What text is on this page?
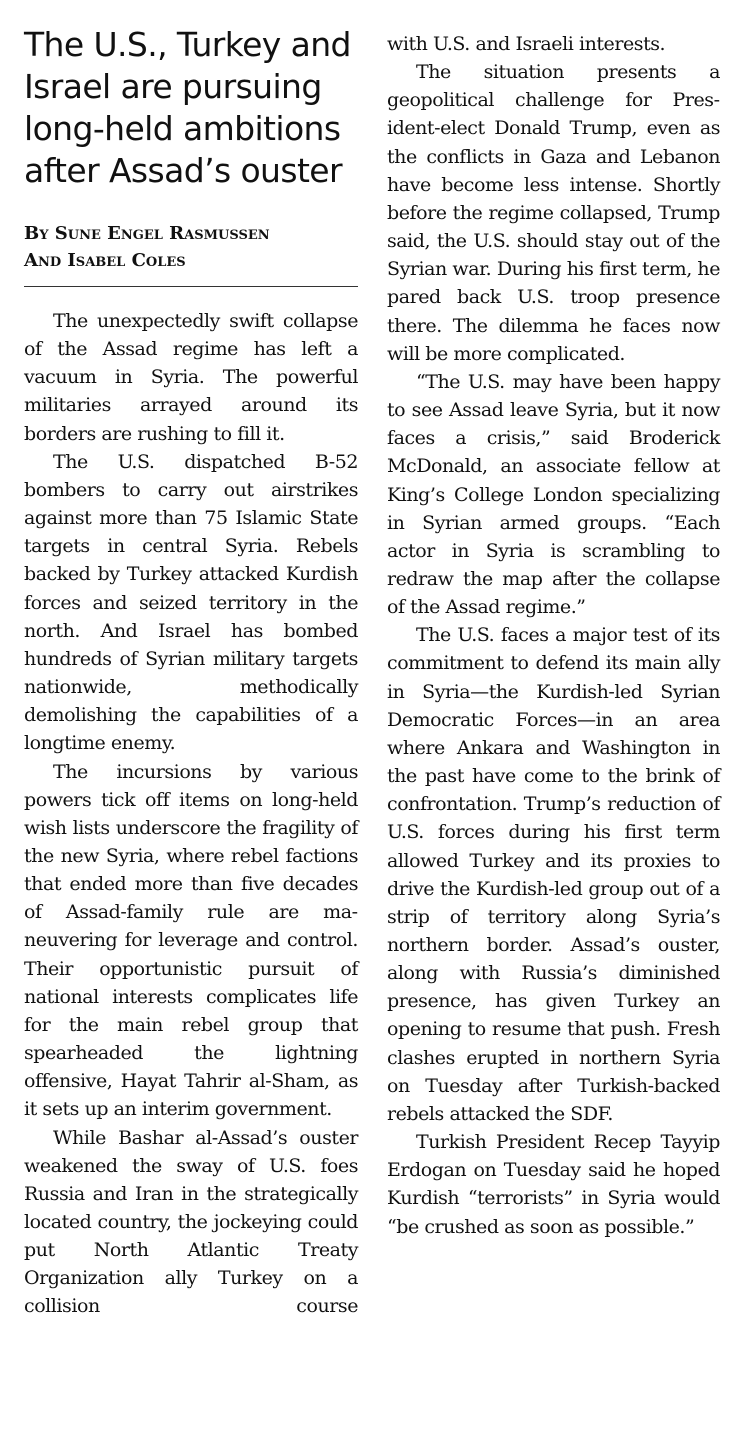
The U.S., Turkey and Israel are pursuing long-held ambitions after Assad’s ouster
By Sune Engel Rasmussen
And Isabel Coles

The unexpectedly swift collapse of the Assad regime has left a vacuum in Syria. The powerful militaries arrayed around its borders are rushing to fill it.

The U.S. dispatched B-52 bombers to carry out airstrikes against more than 75 Islamic State targets in central Syria. Rebels backed by Turkey attacked Kurdish forces and seized territory in the north. And Israel has bombed hundreds of Syrian military targets nationwide, methodically demolishing the capabilities of a longtime enemy.

The incursions by various powers tick off items on long-held wish lists underscore the fragility of the new Syria, where rebel factions that ended more than five decades of Assad-family rule are maneuvering for leverage and control. Their opportunistic pursuit of national interests complicates life for the main rebel group that spearheaded the lightning offensive, Hayat Tahrir al-Sham, as it sets up an interim government.

While Bashar al-Assad’s ouster weakened the sway of U.S. foes Russia and Iran in the strategically located country, the jockeying could put North Atlantic Treaty Organization ally Turkey on a collision course

with U.S. and Israeli interests.

The situation presents a geopolitical challenge for President-elect Donald Trump, even as the conflicts in Gaza and Lebanon have become less intense. Shortly before the regime collapsed, Trump said, the U.S. should stay out of the Syrian war. During his first term, he pared back U.S. troop presence there. The dilemma he faces now will be more complicated.

“The U.S. may have been happy to see Assad leave Syria, but it now faces a crisis,” said Broderick McDonald, an associate fellow at King’s College London specializing in Syrian armed groups. “Each actor in Syria is scrambling to redraw the map after the collapse of the Assad regime.”

The U.S. faces a major test of its commitment to defend its main ally in Syria—the Kurdish-led Syrian Democratic Forces—in an area where Ankara and Washington in the past have come to the brink of confrontation. Trump’s reduction of U.S. forces during his first term allowed Turkey and its proxies to drive the Kurdish-led group out of a strip of territory along Syria’s northern border. Assad’s ouster, along with Russia’s diminished presence, has given Turkey an opening to resume that push. Fresh clashes erupted in northern Syria on Tuesday after Turkish-backed rebels attacked the SDF.

Turkish President Recep Tayyip Erdogan on Tuesday said he hoped Kurdish “terrorists” in Syria would “be crushed as soon as possible.”
